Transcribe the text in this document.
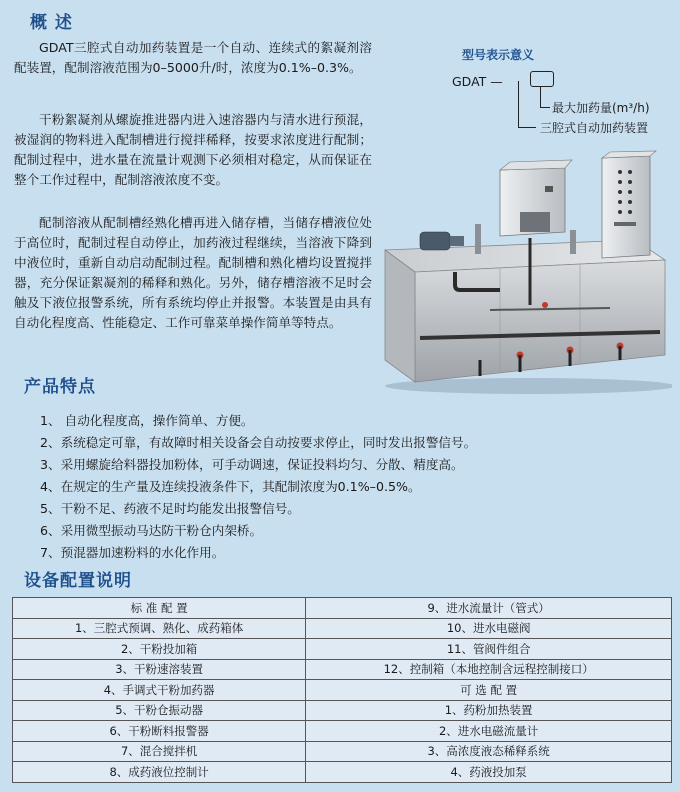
概 述

GDAT三腔式自动加药装置是一个自动、连续式的絮凝剂溶配装置，配制溶液范围为0–5000升/时，浓度为0.1%–0.3%。

干粉絮凝剂从螺旋推进器内进入速溶器内与清水进行预混，被湿润的物料进入配制槽进行搅拌稀释，按要求浓度进行配制；配制过程中，进水量在流量计观测下必须相对稳定，从而保证在整个工作过程中，配制溶液浓度不变。

配制溶液从配制槽经熟化槽再进入储存槽，当储存槽液位处于高位时，配制过程自动停止，加药液过程继续，当溶液下降到中液位时，重新自动启动配制过程。配制槽和熟化槽均设置搅拌器，充分保证絮凝剂的稀释和熟化。另外，储存槽溶液不足时会触及下液位报警系统，所有系统均停止并报警。本装置是由具有自动化程度高、性能稳定、工作可靠菜单操作简单等特点。

型号表示意义
GDAT —
最大加药量(m³/h)
三腔式自动加药装置
产品特点
1、 自动化程度高，操作简单、方便。
2、系统稳定可靠，有故障时相关设备会自动按要求停止，同时发出报警信号。
3、采用螺旋给料器投加粉体，可手动调速，保证投料均匀、分散、精度高。
4、在规定的生产量及连续投液条件下，其配制浓度为0.1%–0.5%。
5、干粉不足、药液不足时均能发出报警信号。
6、采用微型振动马达防干粉仓内架桥。
7、预混器加速粉料的水化作用。
设备配置说明
标 准 配 置	9、进水流量计（管式）
1、三腔式预调、熟化、成药箱体	10、进水电磁阀
2、干粉投加箱	11、管阀件组合
3、干粉速溶装置	12、控制箱（本地控制含远程控制接口）
4、手调式干粉加药器	可 选 配 置
5、干粉仓振动器	1、药粉加热装置
6、干粉断料报警器	2、进水电磁流量计
7、混合搅拌机	3、高浓度液态稀释系统
8、成药液位控制计	4、药液投加泵
